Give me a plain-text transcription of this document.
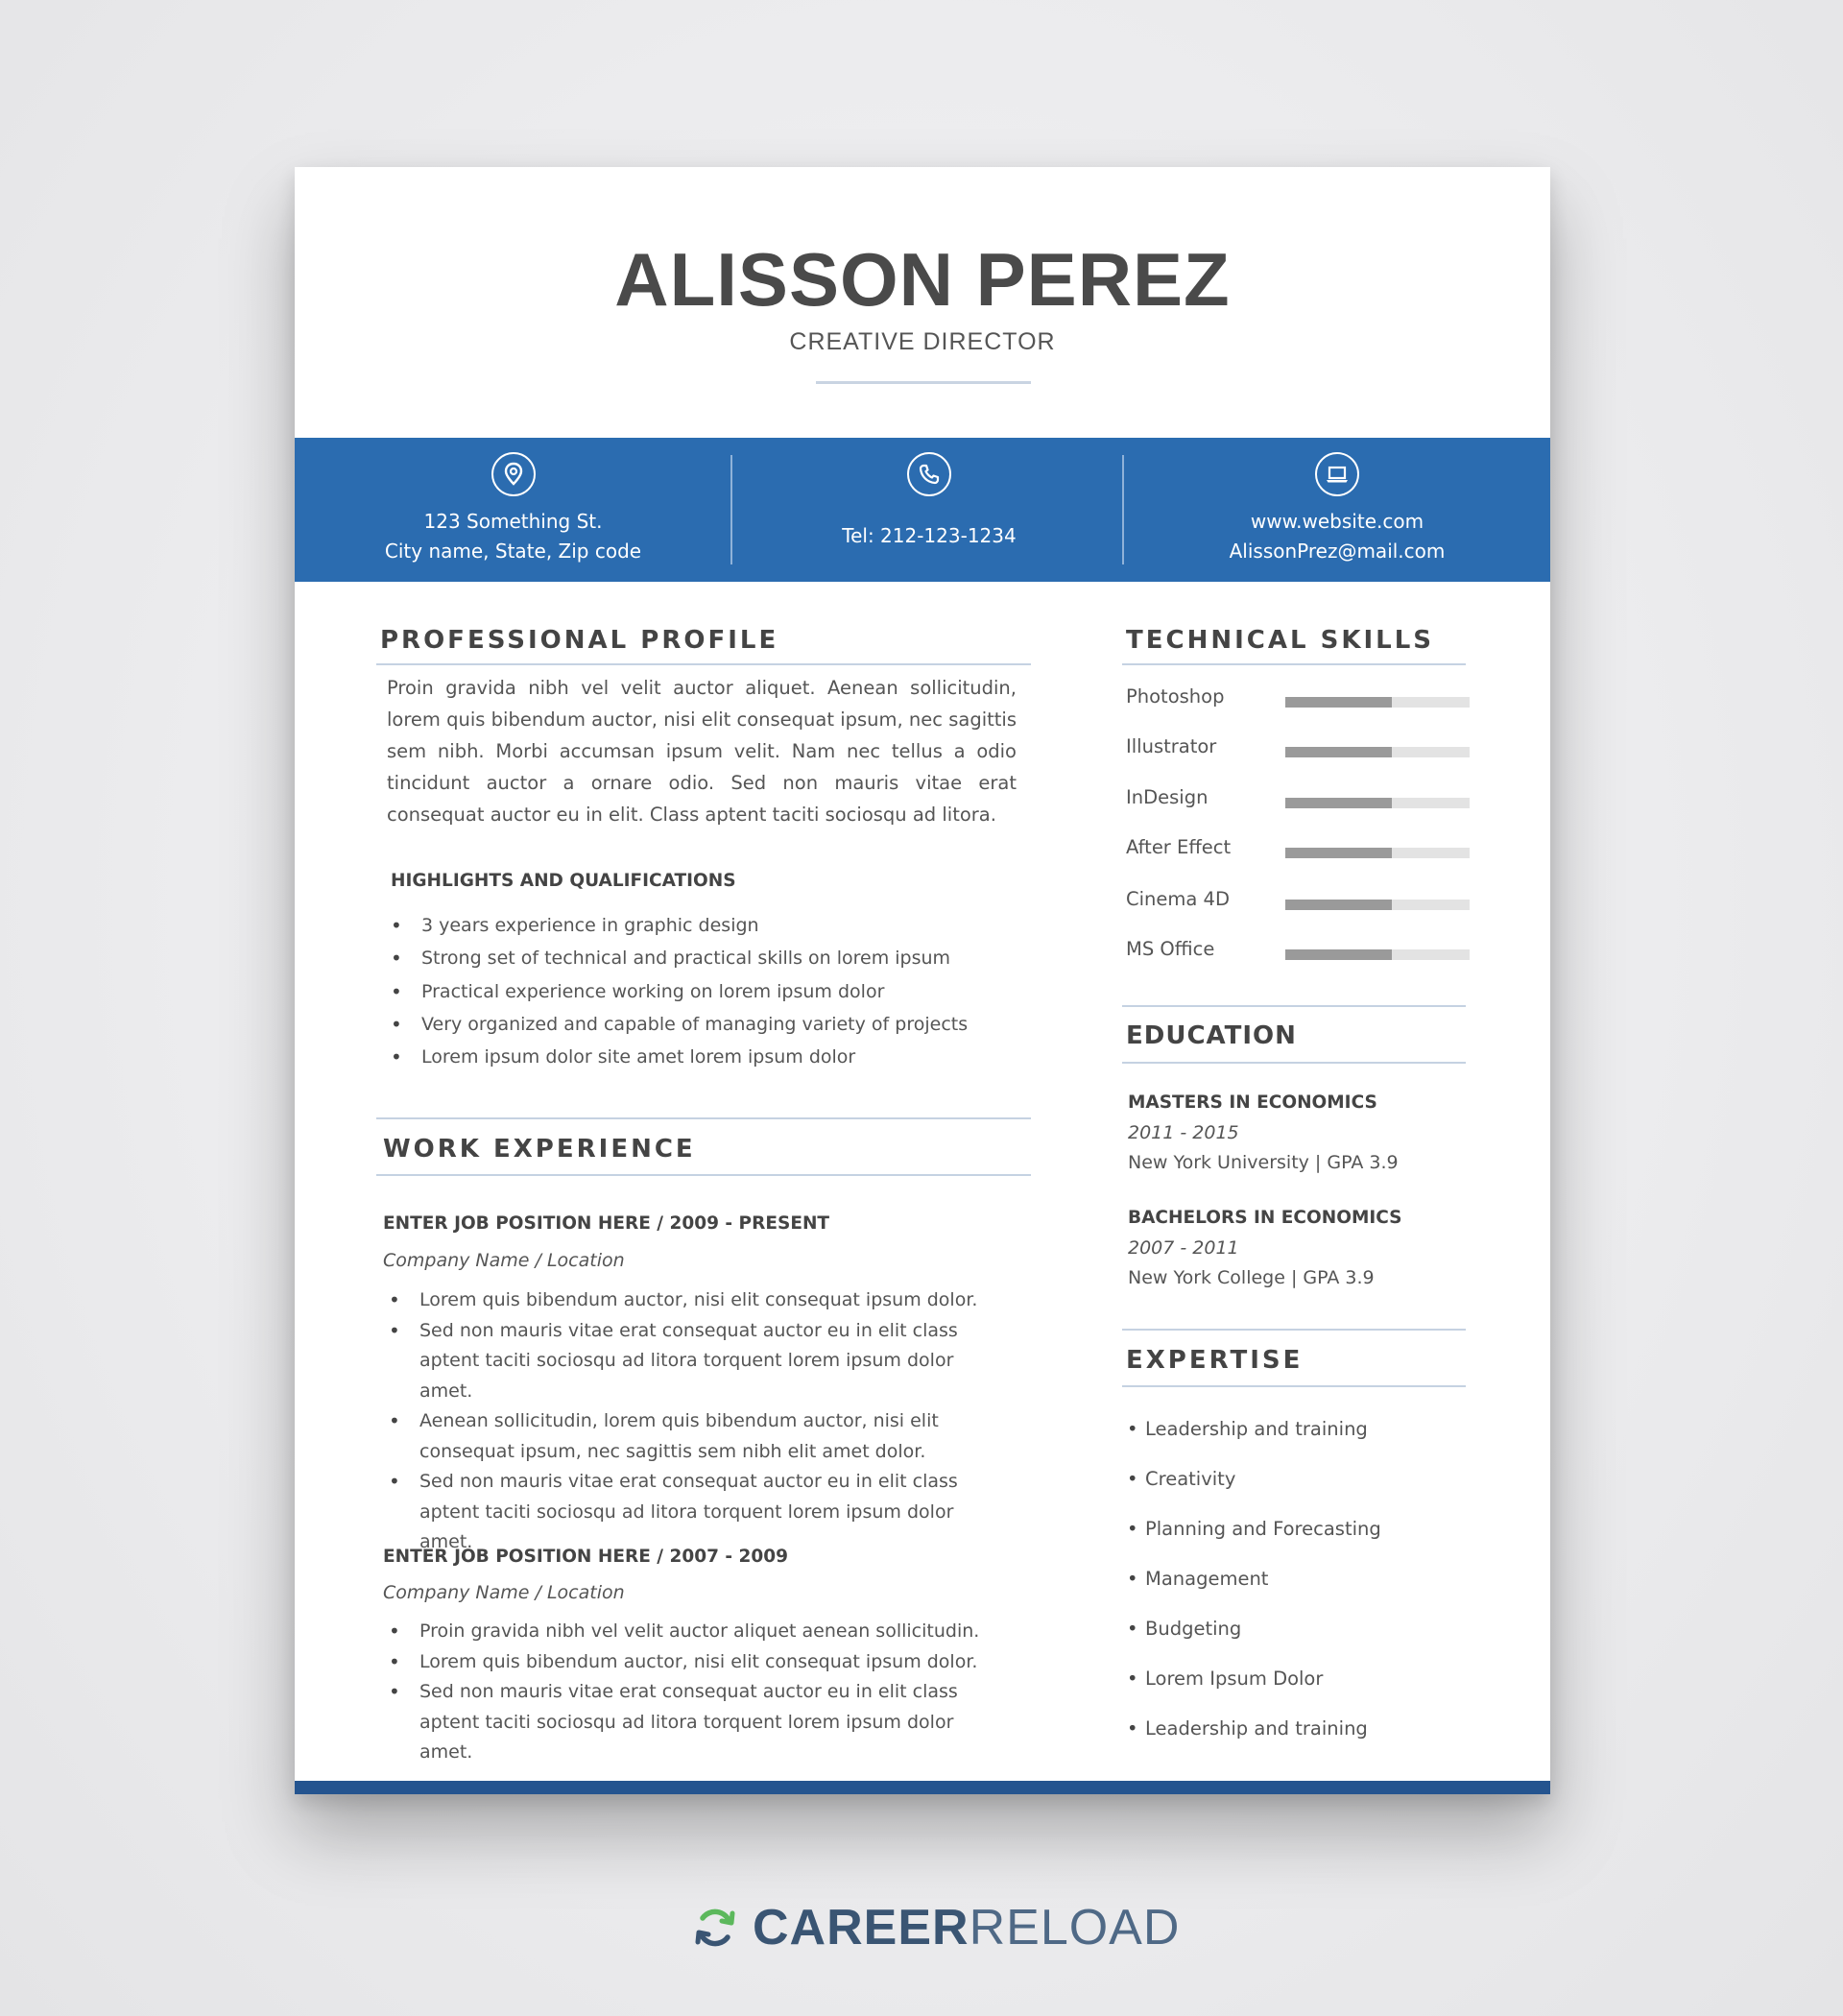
ALISSON PEREZ
CREATIVE DIRECTOR
123 Something St.
City name, State, Zip code
Tel: 212-123-1234
www.website.com
AlissonPrez@mail.com
PROFESSIONAL PROFILE
Proin gravida nibh vel velit auctor aliquet. Aenean sollicitudin, lorem quis bibendum auctor, nisi elit consequat ipsum, nec sagittis sem nibh. Morbi accumsan ipsum velit. Nam nec tellus a odio tincidunt auctor a ornare odio. Sed non mauris vitae erat consequat auctor eu in elit. Class aptent taciti sociosqu ad litora.
HIGHLIGHTS AND QUALIFICATIONS
• 3 years experience in graphic design
• Strong set of technical and practical skills on lorem ipsum
• Practical experience working on lorem ipsum dolor
• Very organized and capable of managing variety of projects
• Lorem ipsum dolor site amet lorem ipsum dolor
WORK EXPERIENCE
ENTER JOB POSITION HERE / 2009 - PRESENT
Company Name / Location
• Lorem quis bibendum auctor, nisi elit consequat ipsum dolor.
• Sed non mauris vitae erat consequat auctor eu in elit class aptent taciti sociosqu ad litora torquent lorem ipsum dolor amet.
• Aenean sollicitudin, lorem quis bibendum auctor, nisi elit consequat ipsum, nec sagittis sem nibh elit amet dolor.
• Sed non mauris vitae erat consequat auctor eu in elit class aptent taciti sociosqu ad litora torquent lorem ipsum dolor amet.
ENTER JOB POSITION HERE / 2007 - 2009
Company Name / Location
• Proin gravida nibh vel velit auctor aliquet aenean sollicitudin.
• Lorem quis bibendum auctor, nisi elit consequat ipsum dolor.
• Sed non mauris vitae erat consequat auctor eu in elit class aptent taciti sociosqu ad litora torquent lorem ipsum dolor amet.
TECHNICAL SKILLS
Photoshop
Illustrator
InDesign
After Effect
Cinema 4D
MS Office
EDUCATION
MASTERS IN ECONOMICS
2011 - 2015
New York University | GPA 3.9
BACHELORS IN ECONOMICS
2007 - 2011
New York College | GPA 3.9
EXPERTISE
• Leadership and training
• Creativity
• Planning and Forecasting
• Management
• Budgeting
• Lorem Ipsum Dolor
• Leadership and training
CAREER RELOAD
